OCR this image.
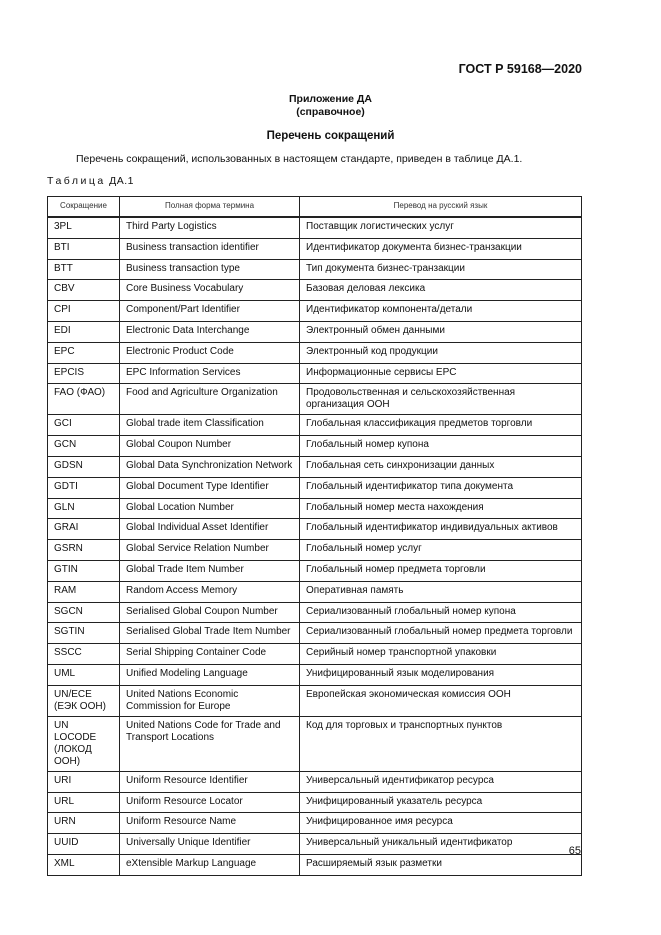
ГОСТ Р 59168—2020
Приложение ДА
(справочное)
Перечень сокращений
Перечень сокращений, использованных в настоящем стандарте, приведен в таблице ДА.1.
Таблица ДА.1
Сокращение	Полная форма термина	Перевод на русский язык
3PL	Third Party Logistics	Поставщик логистических услуг
BTI	Business transaction identifier	Идентификатор документа бизнес-транзакции
BTT	Business transaction type	Тип документа бизнес-транзакции
CBV	Core Business Vocabulary	Базовая деловая лексика
CPI	Component/Part Identifier	Идентификатор компонента/детали
EDI	Electronic Data Interchange	Электронный обмен данными
EPC	Electronic Product Code	Электронный код продукции
EPCIS	EPC Information Services	Информационные сервисы EPC
FAO (ФАО)	Food and Agriculture Organization	Продовольственная и сельскохозяйственная организация ООН
GCI	Global trade item Classification	Глобальная классификация предметов торговли
GCN	Global Coupon Number	Глобальный номер купона
GDSN	Global Data Synchronization Network	Глобальная сеть синхронизации данных
GDTI	Global Document Type Identifier	Глобальный идентификатор типа документа
GLN	Global Location Number	Глобальный номер места нахождения
GRAI	Global Individual Asset Identifier	Глобальный идентификатор индивидуальных активов
GSRN	Global Service Relation Number	Глобальный номер услуг
GTIN	Global Trade Item Number	Глобальный номер предмета торговли
RAM	Random Access Memory	Оперативная память
SGCN	Serialised Global Coupon Number	Сериализованный глобальный номер купона
SGTIN	Serialised Global Trade Item Number	Сериализованный глобальный номер предмета торговли
SSCC	Serial Shipping Container Code	Серийный номер транспортной упаковки
UML	Unified Modeling Language	Унифицированный язык моделирования
UN/ECE (ЕЭК ООН)	United Nations Economic Commission for Europe	Европейская экономическая комиссия ООН
UN LOCODE (ЛОКОД ООН)	United Nations Code for Trade and Transport Locations	Код для торговых и транспортных пунктов
URI	Uniform Resource Identifier	Универсальный идентификатор ресурса
URL	Uniform Resource Locator	Унифицированный указатель ресурса
URN	Uniform Resource Name	Унифицированное имя ресурса
UUID	Universally Unique Identifier	Универсальный уникальный идентификатор
XML	eXtensible Markup Language	Расширяемый язык разметки
65
